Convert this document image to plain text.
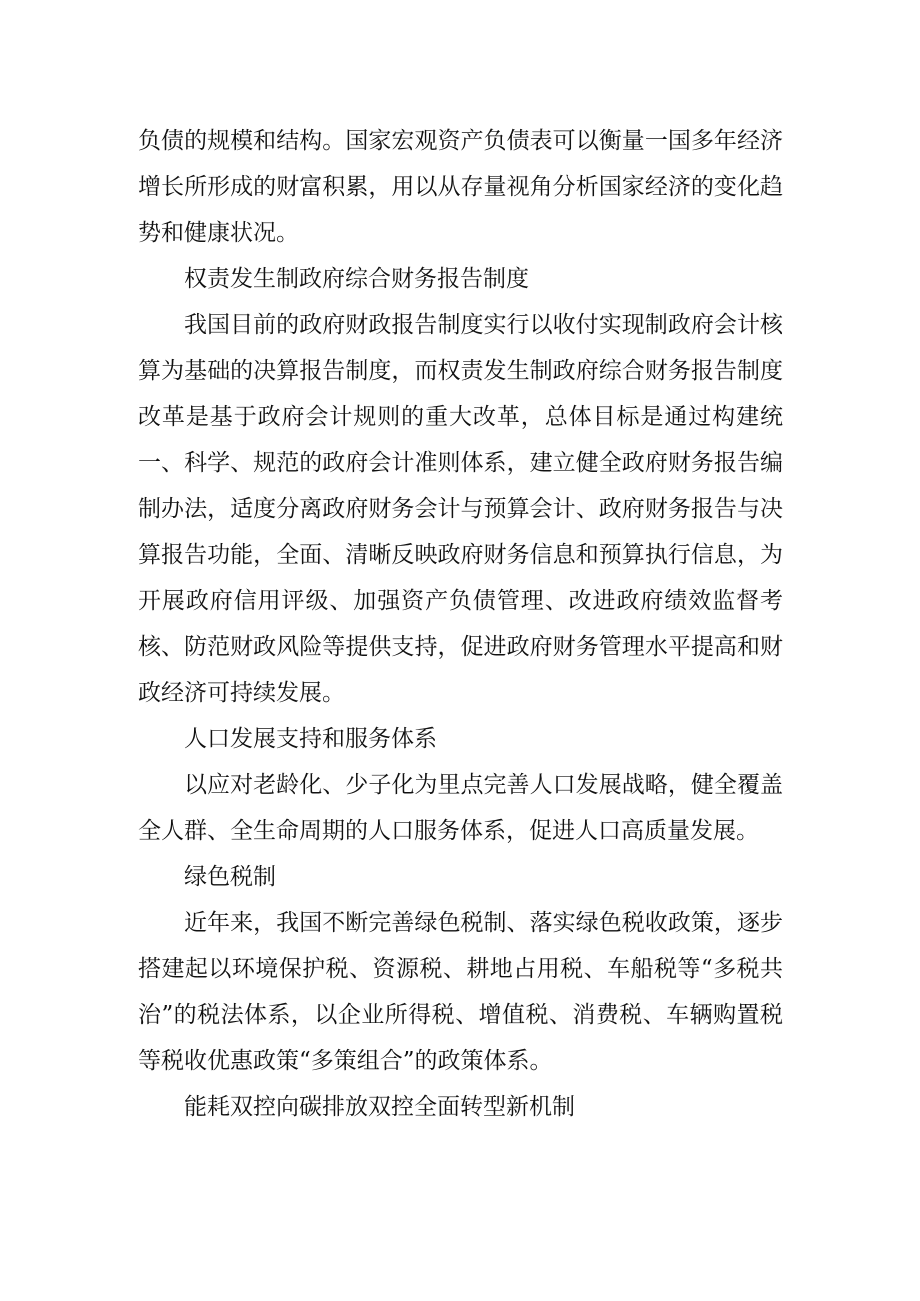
负债的规模和结构。国家宏观资产负债表可以衡量一国多年经济增长所形成的财富积累，用以从存量视角分析国家经济的变化趋势和健康状况。

权责发生制政府综合财务报告制度

我国目前的政府财政报告制度实行以收付实现制政府会计核算为基础的决算报告制度，而权责发生制政府综合财务报告制度改革是基于政府会计规则的重大改革，总体目标是通过构建统一、科学、规范的政府会计准则体系，建立健全政府财务报告编制办法，适度分离政府财务会计与预算会计、政府财务报告与决算报告功能，全面、清晰反映政府财务信息和预算执行信息，为开展政府信用评级、加强资产负债管理、改进政府绩效监督考核、防范财政风险等提供支持，促进政府财务管理水平提高和财政经济可持续发展。

人口发展支持和服务体系

以应对老龄化、少子化为里点完善人口发展战略，健全覆盖全人群、全生命周期的人口服务体系，促进人口高质量发展。

绿色税制

近年来，我国不断完善绿色税制、落实绿色税收政策，逐步搭建起以环境保护税、资源税、耕地占用税、车船税等“多税共治”的税法体系，以企业所得税、增值税、消费税、车辆购置税等税收优惠政策“多策组合”的政策体系。

能耗双控向碳排放双控全面转型新机制
